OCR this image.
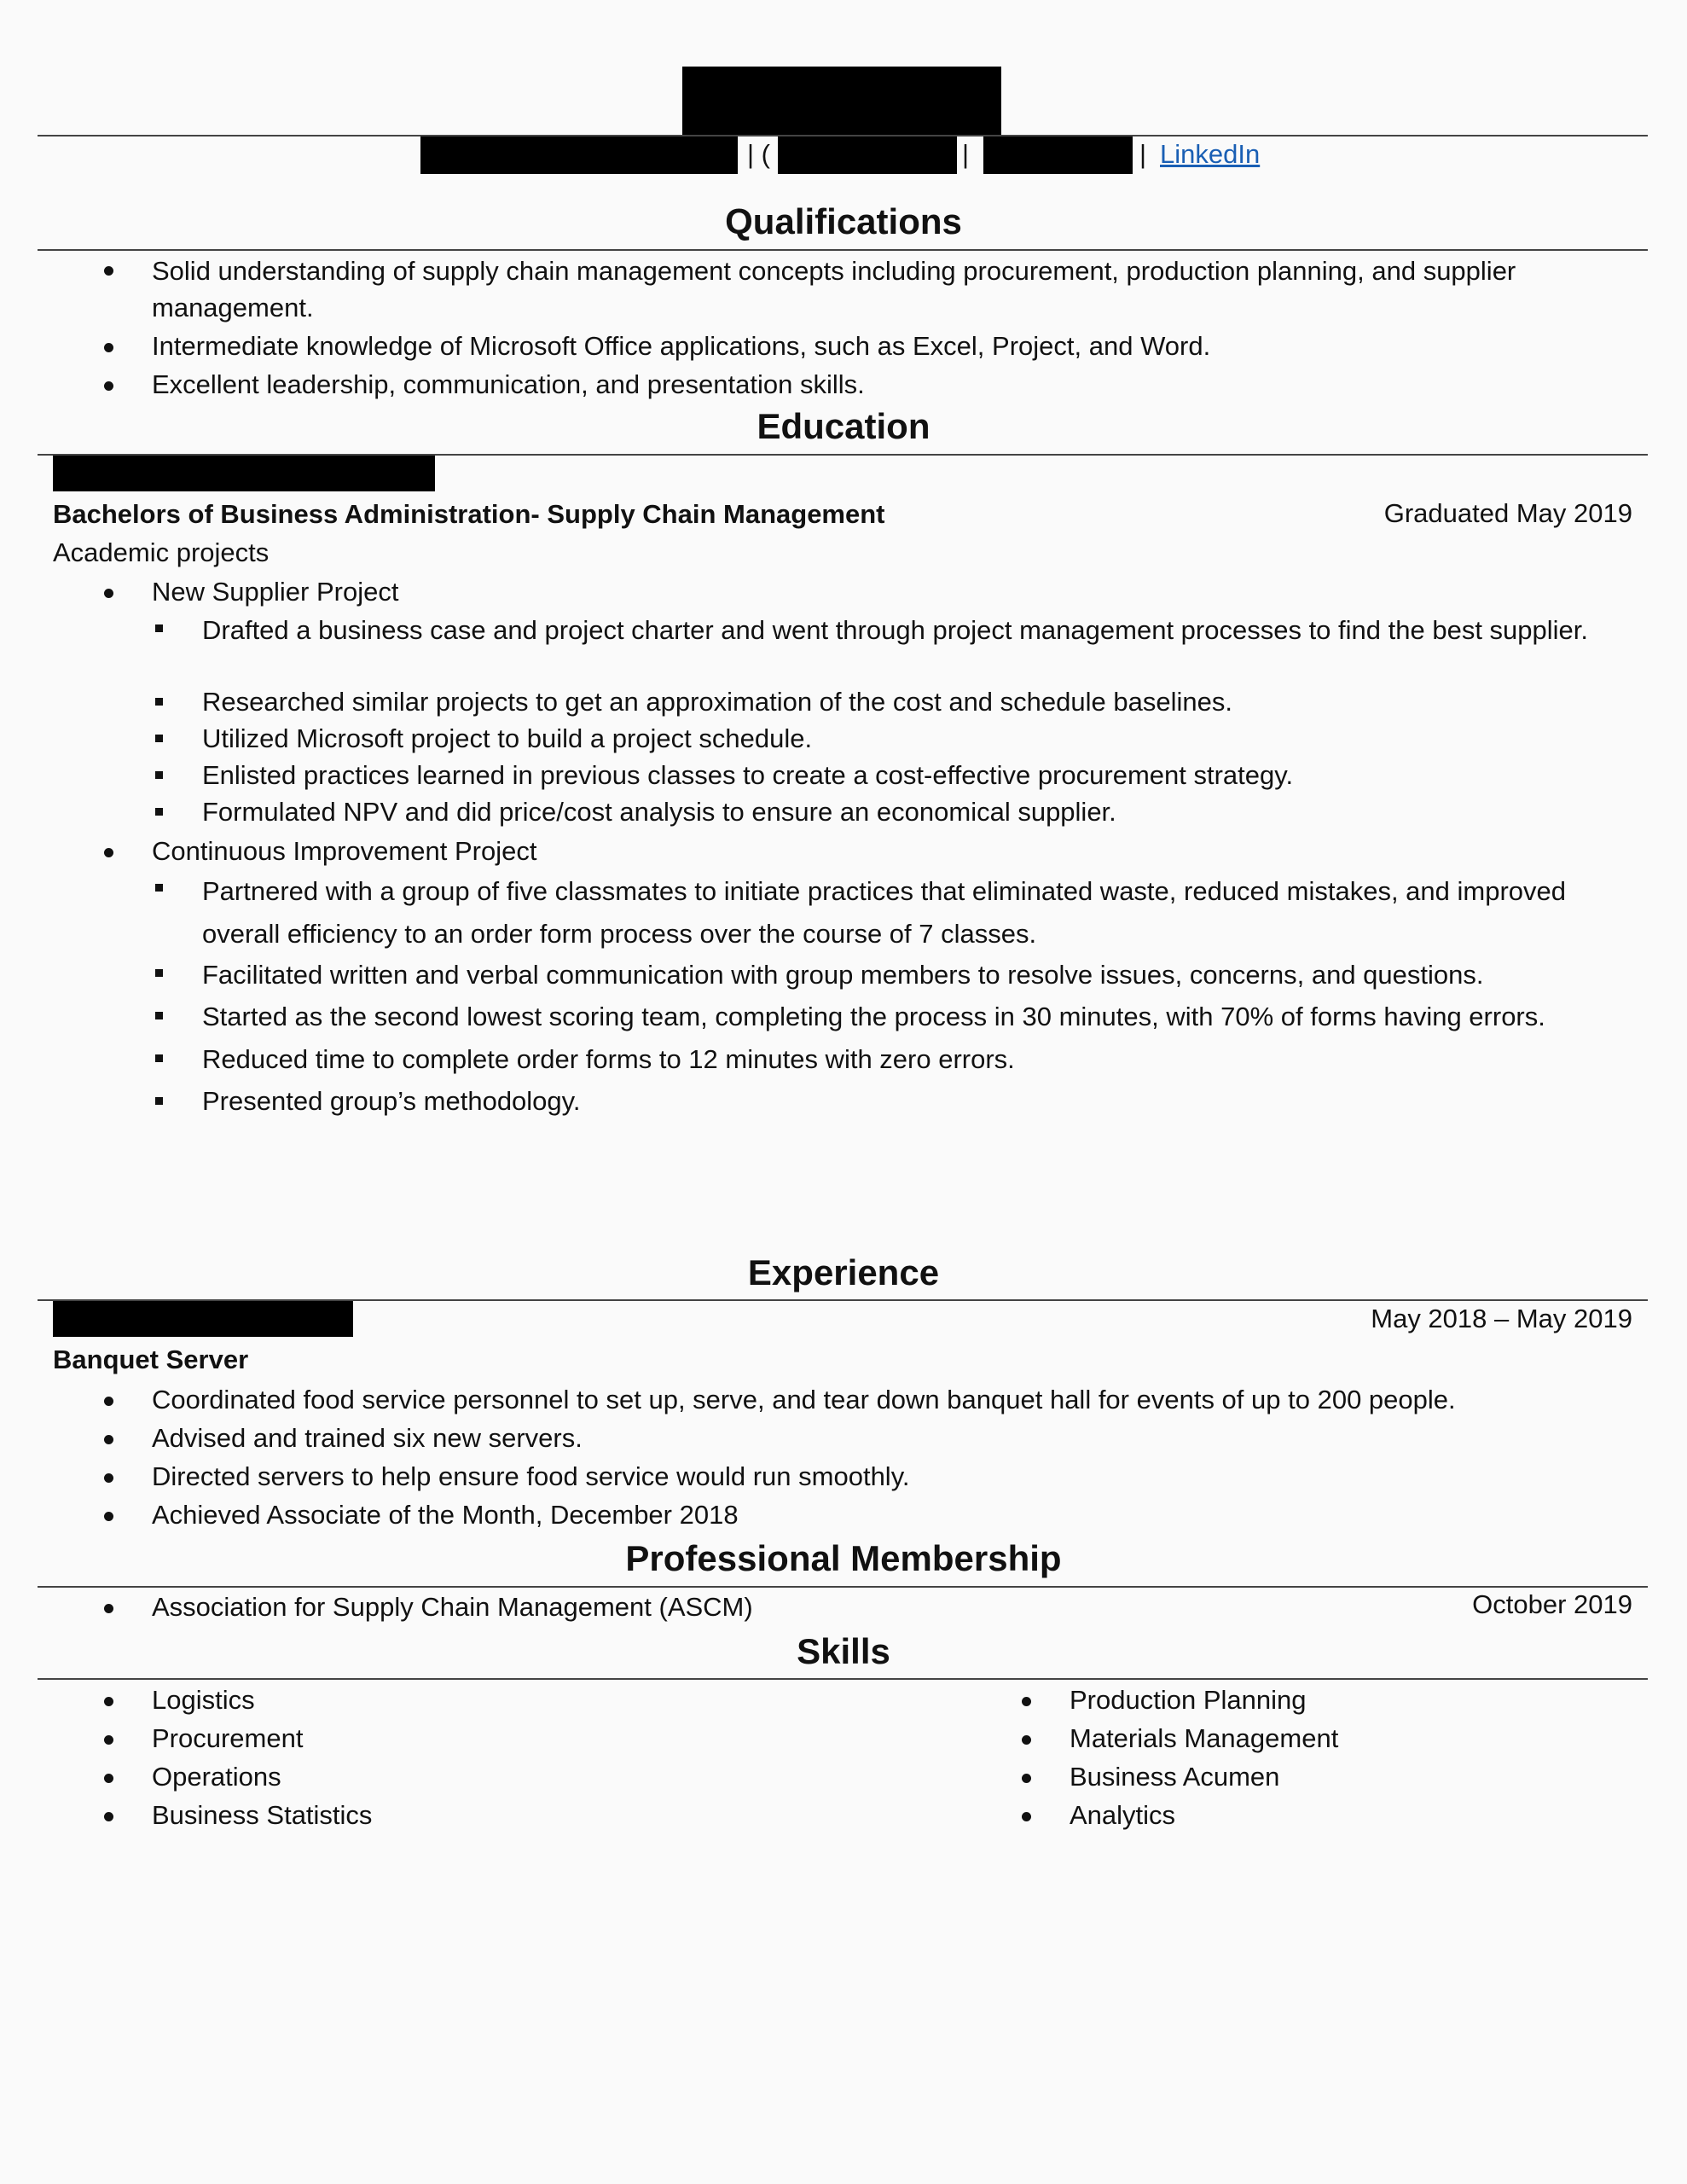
| (	|	| LinkedIn
Qualifications
Solid understanding of supply chain management concepts including procurement, production planning, and supplier management.
Intermediate knowledge of Microsoft Office applications, such as Excel, Project, and Word.
Excellent leadership, communication, and presentation skills.
Education
Bachelors of Business Administration- Supply Chain Management	Graduated May 2019
Academic projects
New Supplier Project
Drafted a business case and project charter and went through project management processes to find the best supplier.
Researched similar projects to get an approximation of the cost and schedule baselines.
Utilized Microsoft project to build a project schedule.
Enlisted practices learned in previous classes to create a cost-effective procurement strategy.
Formulated NPV and did price/cost analysis to ensure an economical supplier.
Continuous Improvement Project
Partnered with a group of five classmates to initiate practices that eliminated waste, reduced mistakes, and improved overall efficiency to an order form process over the course of 7 classes.
Facilitated written and verbal communication with group members to resolve issues, concerns, and questions.
Started as the second lowest scoring team, completing the process in 30 minutes, with 70% of forms having errors.
Reduced time to complete order forms to 12 minutes with zero errors.
Presented group’s methodology.
Experience
May 2018 – May 2019
Banquet Server
Coordinated food service personnel to set up, serve, and tear down banquet hall for events of up to 200 people.
Advised and trained six new servers.
Directed servers to help ensure food service would run smoothly.
Achieved Associate of the Month, December 2018
Professional Membership
Association for Supply Chain Management (ASCM)	October 2019
Skills
Logistics
Procurement
Operations
Business Statistics
Production Planning
Materials Management
Business Acumen
Analytics
